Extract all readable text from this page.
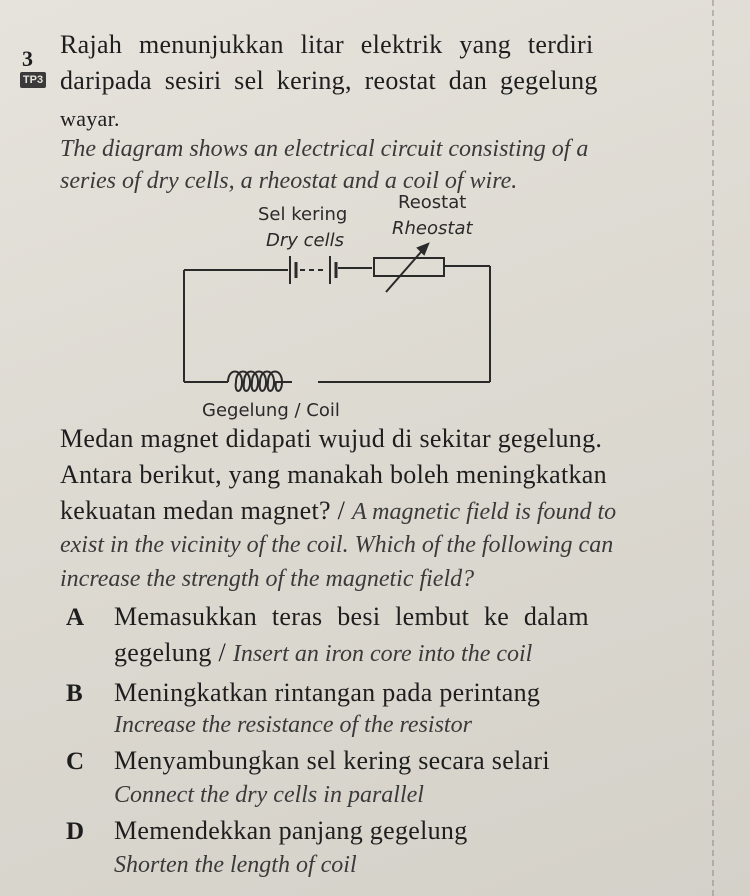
3
TP3
Rajah menunjukkan litar elektrik yang terdiri
daripada sesiri sel kering, reostat dan gegelung
wayar.
The diagram shows an electrical circuit consisting of a
series of dry cells, a rheostat and a coil of wire.
Sel kering
Dry cells
Reostat
Rheostat
Gegelung / Coil
Medan magnet didapati wujud di sekitar gegelung.
Antara berikut, yang manakah boleh meningkatkan
kekuatan medan magnet? / A magnetic field is found to
exist in the vicinity of the coil. Which of the following can
increase the strength of the magnetic field?
A Memasukkan teras besi lembut ke dalam
gegelung / Insert an iron core into the coil
B Meningkatkan rintangan pada perintang
Increase the resistance of the resistor
C Menyambungkan sel kering secara selari
Connect the dry cells in parallel
D Memendekkan panjang gegelung
Shorten the length of coil
